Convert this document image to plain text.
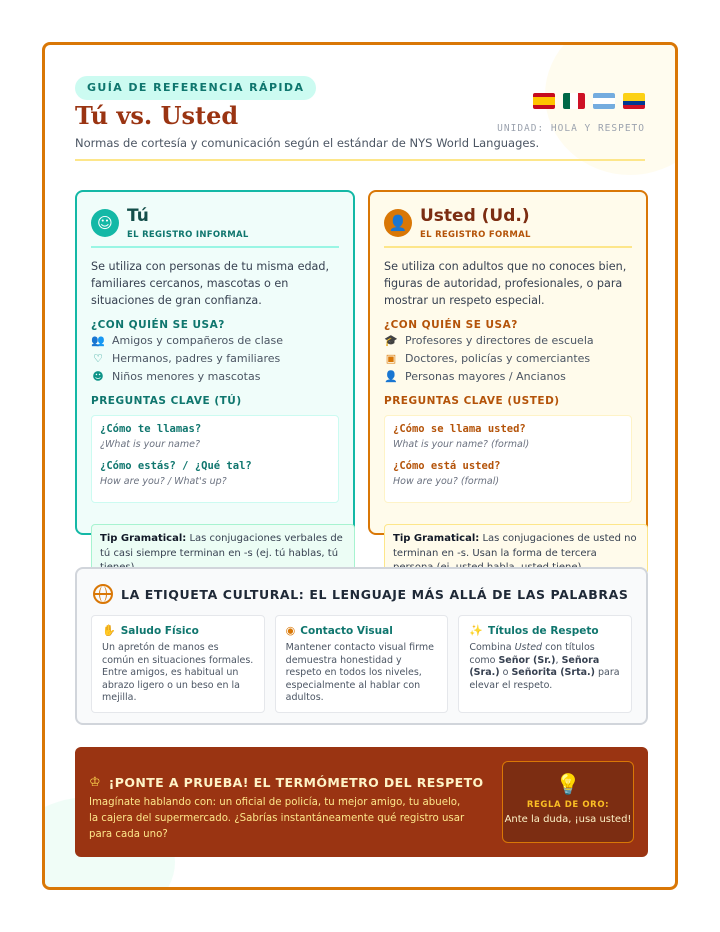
GUÍA DE REFERENCIA RÁPIDA
Tú vs. Usted
Normas de cortesía y comunicación según el estándar de NYS World Languages.
UNIDAD: HOLA Y RESPETO
☺ Tú
EL REGISTRO INFORMAL
Se utiliza con personas de tu misma edad, familiares cercanos, mascotas o en situaciones de gran confianza.
¿CON QUIÉN SE USA?
👥 Amigos y compañeros de clase
♡ Hermanos, padres y familiares
☻ Niños menores y mascotas
PREGUNTAS CLAVE (TÚ)
¿Cómo te llamas?
¿What is your name?
¿Cómo estás? / ¿Qué tal?
How are you? / What's up?
👤 Usted (Ud.)
EL REGISTRO FORMAL
Se utiliza con adultos que no conoces bien, figuras de autoridad, profesionales, o para mostrar un respeto especial.
¿CON QUIÉN SE USA?
🎓 Profesores y directores de escuela
▣ Doctores, policías y comerciantes
👤 Personas mayores / Ancianos
PREGUNTAS CLAVE (USTED)
¿Cómo se llama usted?
What is your name? (formal)
¿Cómo está usted?
How are you? (formal)
Tip Gramatical: Las conjugaciones verbales de tú casi siempre terminan en -s (ej. tú hablas, tú
Tip Gramatical: Las conjugaciones de usted no terminan en -s. Usan la forma de tercera
LA ETIQUETA CULTURAL: EL LENGUAJE MÁS ALLÁ DE LAS PALABRAS
✋ Saludo Físico
Un apretón de manos es común en situaciones formales. Entre amigos, es habitual un abrazo ligero o un beso en la mejilla.
◉ Contacto Visual
Mantener contacto visual firme demuestra honestidad y respeto en todos los niveles, especialmente al hablar con adultos.
✨ Títulos de Respeto
Combina Usted con títulos como Señor (Sr.), Señora (Sra.) o Señorita (Srta.) para elevar el respeto.
♔ ¡PONTE A PRUEBA! EL TERMÓMETRO DEL RESPETO
Imagínate hablando con: un oficial de policía, tu mejor amigo, tu abuelo, la cajera del supermercado. ¿Sabrías instantáneamente qué registro usar para cada uno?
💡
REGLA DE ORO:
Ante la duda, ¡usa usted!
